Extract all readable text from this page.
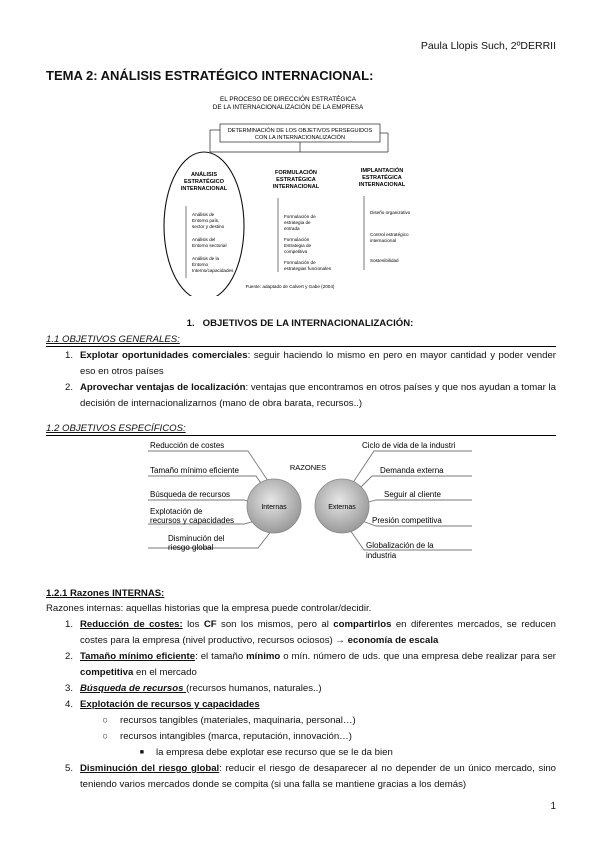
Paula Llopis Such, 2ºDERRII
TEMA 2: ANÁLISIS ESTRATÉGICO INTERNACIONAL:
EL PROCESO DE DIRECCIÓN ESTRATÉGICA
DE LA INTERNACIONALIZACIÓN DE LA EMPRESA
DETERMINACIÓN DE LOS OBJETIVOS PERSEGUIDOS
CON LA INTERNACIONALIZACIÓN
ANÁLISIS
ESTRATÉGICO
INTERNACIONAL
FORMULACIÓN
ESTRATÉGICA
INTERNACIONAL
IMPLANTACIÓN
ESTRATÉGICA
INTERNACIONAL
Análisis de
Entorno país,
sector y destino
Análisis del
Entorno sectorial
Análisis de la
Entorno
Interno/capacidades
Formulación de
estrategia de
entrada
Formulación
Estrategia de
competitiva
Formulación de
estrategias funcionales
Diseño organizativo
Control estratégico
internacional
Sostenibilidad
Fuente: adaptado de Calvert y Gabe (2004)
1. OBJETIVOS DE LA INTERNACIONALIZACIÓN:
1.1 OBJETIVOS GENERALES:
1. Explotar oportunidades comerciales: seguir haciendo lo mismo en pero en mayor cantidad y poder vender eso en otros países
2. Aprovechar ventajas de localización: ventajas que encontramos en otros países y que nos ayudan a tomar la decisión de internacionalizarnos (mano de obra barata, recursos..)
1.2 OBJETIVOS ESPECÍFICOS:
RAZONES
Internas	Externas
Reducción de costes
Tamaño mínimo eficiente
Búsqueda de recursos
Explotación de
recursos y capacidades
Disminución del
riesgo global
Ciclo de vida de la industri
Demanda externa
Seguir al cliente
Presión competitiva
Globalización de la
industria
1.2.1 Razones INTERNAS:
Razones internas: aquellas historias que la empresa puede controlar/decidir.
1. Reducción de costes: los CF son los mismos, pero al compartirlos en diferentes mercados, se reducen costes para la empresa (nivel productivo, recursos ociosos) → economía de escala
2. Tamaño mínimo eficiente: el tamaño mínimo o mín. número de uds. que una empresa debe realizar para ser competitiva en el mercado
3. Búsqueda de recursos (recursos humanos, naturales..)
4. Explotación de recursos y capacidades
○	recursos tangibles (materiales, maquinaria, personal…)
○	recursos intangibles (marca, reputación, innovación…)
■	la empresa debe explotar ese recurso que se le da bien
5. Disminución del riesgo global: reducir el riesgo de desaparecer al no depender de un único mercado, sino teniendo varios mercados donde se compita (si una falla se mantiene gracias a los demás)
1
